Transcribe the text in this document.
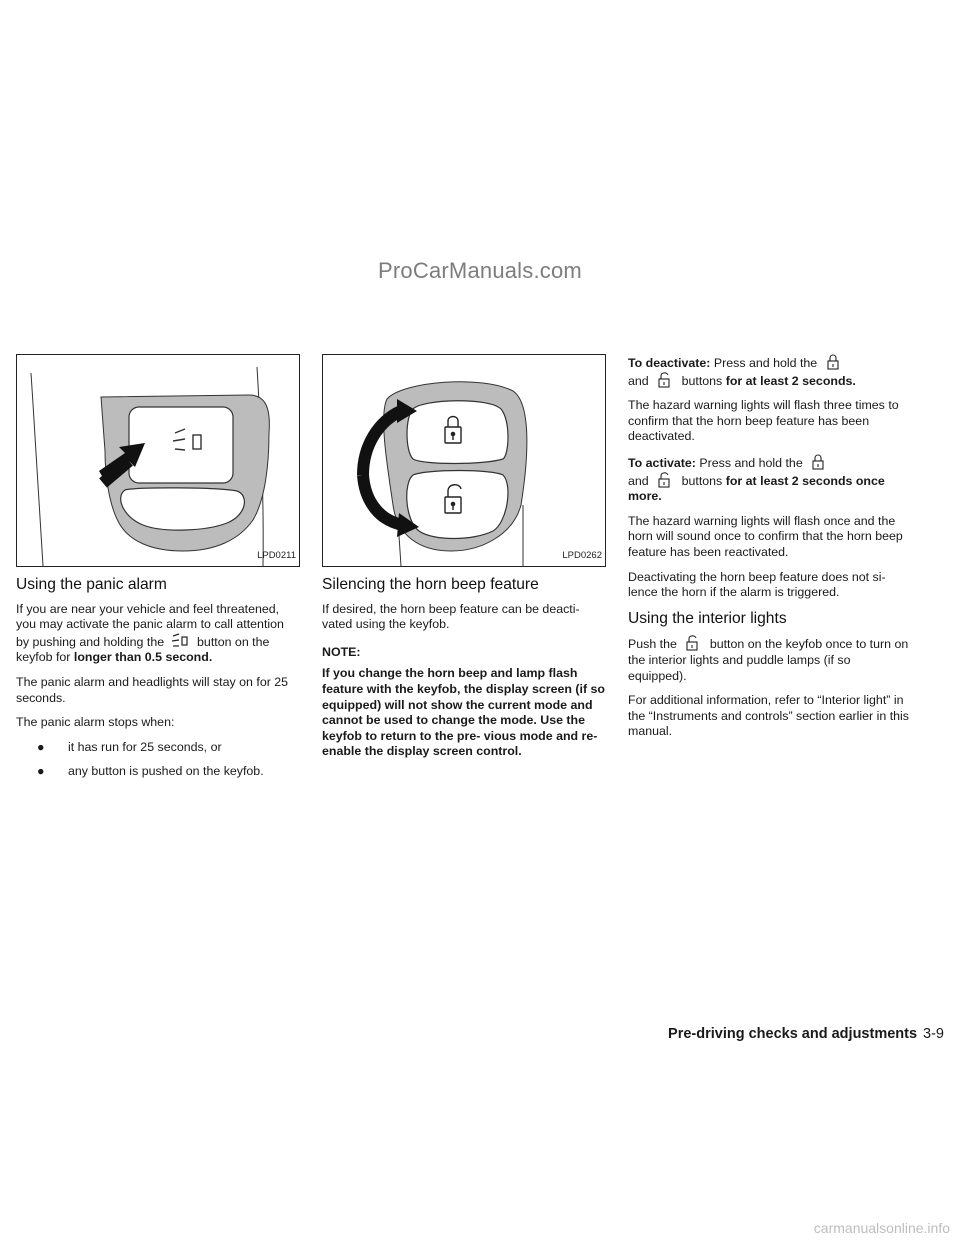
ProCarManuals.com
LPD0211
Using the panic alarm

If you are near your vehicle and feel threatened, you may activate the panic alarm to call attention by pushing and holding the	button on the keyfob for longer than 0.5 second.

The panic alarm and headlights will stay on for 25 seconds.

The panic alarm stops when:

● it has run for 25 seconds, or
● any button is pushed on the keyfob.
LPD0262
Silencing the horn beep feature

If desired, the horn beep feature can be deacti- vated using the keyfob.

NOTE:

If you change the horn beep and lamp flash feature with the keyfob, the display screen (if so equipped) will not show the current mode and cannot be used to change the mode. Use the keyfob to return to the pre- vious mode and re-enable the display screen control.

To deactivate: Press and hold the

and	buttons for at least 2 seconds.

The hazard warning lights will flash three times to confirm that the horn beep feature has been deactivated.

To activate: Press and hold the

and	buttons for at least 2 seconds once more.

The hazard warning lights will flash once and the horn will sound once to confirm that the horn beep feature has been reactivated.

Deactivating the horn beep feature does not si- lence the horn if the alarm is triggered.

Using the interior lights

Push the	button on the keyfob once to turn on the interior lights and puddle lamps (if so equipped).

For additional information, refer to “Interior light” in the “Instruments and controls” section earlier in this manual.

Pre-driving checks and adjustments 3-9
carmanualsonline.info
